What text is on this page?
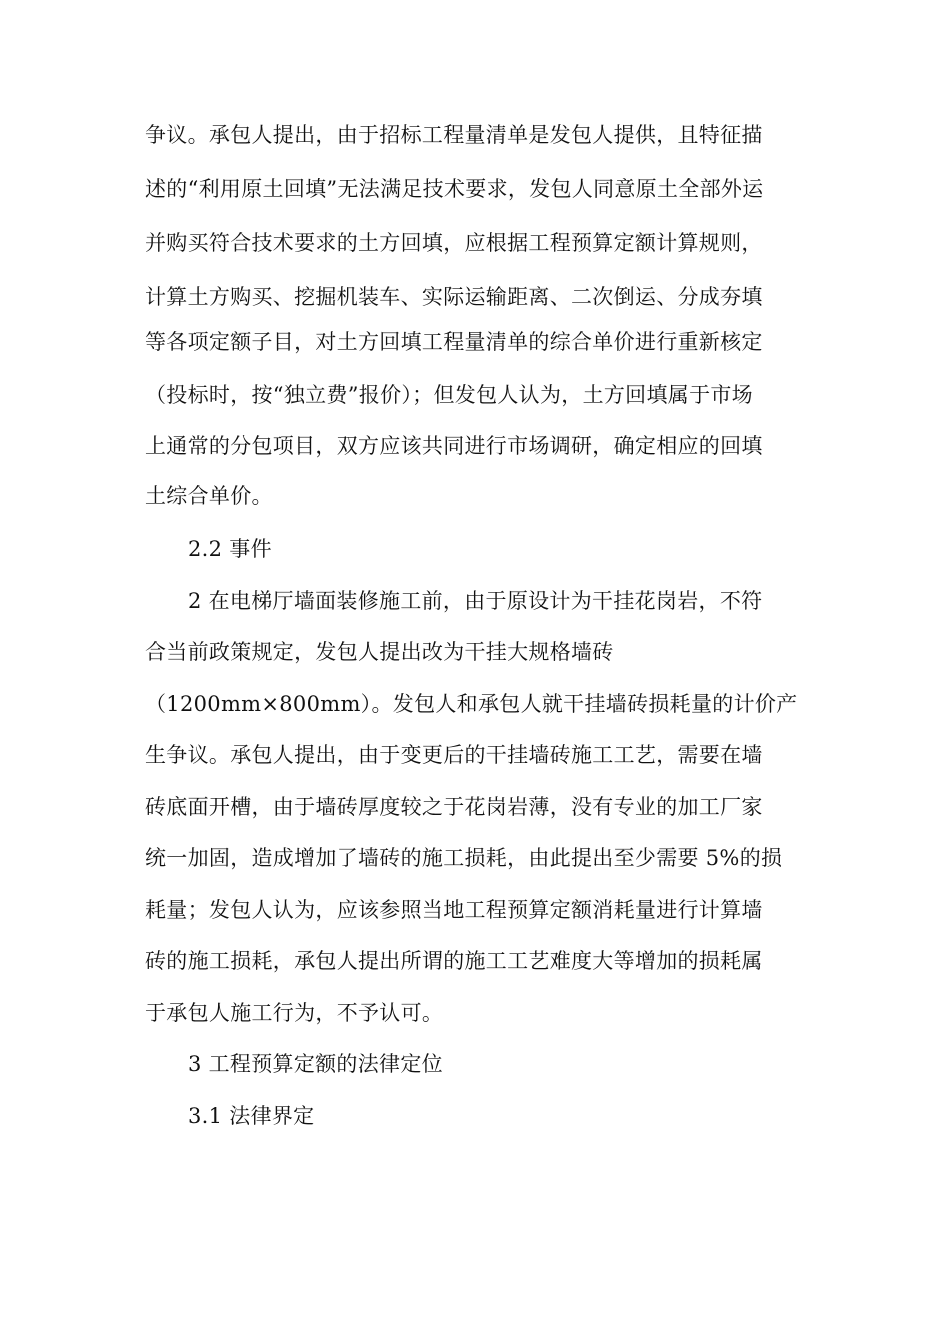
争议。承包人提出，由于招标工程量清单是发包人提供，且特征描
述的“利用原土回填”无法满足技术要求，发包人同意原土全部外运
并购买符合技术要求的土方回填，应根据工程预算定额计算规则，
计算土方购买、挖掘机装车、实际运输距离、二次倒运、分成夯填
等各项定额子目，对土方回填工程量清单的综合单价进行重新核定
（投标时，按“独立费”报价）；但发包人认为，土方回填属于市场
上通常的分包项目，双方应该共同进行市场调研，确定相应的回填
土综合单价。
2.2 事件
2 在电梯厅墙面装修施工前，由于原设计为干挂花岗岩，不符
合当前政策规定，发包人提出改为干挂大规格墙砖
（1200mm×800mm）。发包人和承包人就干挂墙砖损耗量的计价产
生争议。承包人提出，由于变更后的干挂墙砖施工工艺，需要在墙
砖底面开槽，由于墙砖厚度较之于花岗岩薄，没有专业的加工厂家
统一加固，造成增加了墙砖的施工损耗，由此提出至少需要 5%的损
耗量；发包人认为，应该参照当地工程预算定额消耗量进行计算墙
砖的施工损耗，承包人提出所谓的施工工艺难度大等增加的损耗属
于承包人施工行为，不予认可。
3 工程预算定额的法律定位
3.1 法律界定
